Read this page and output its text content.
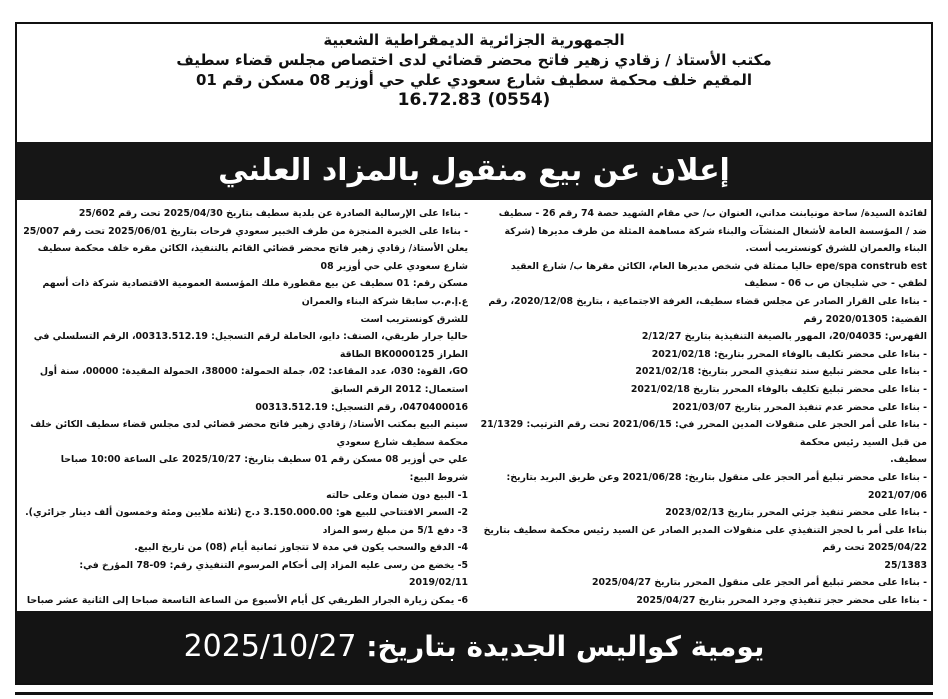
الجمهورية الجزائرية الديمقراطية الشعبية
مكتب الأستاذ / زقادي زهير فاتح محضر قضائي لدى اختصاص مجلس قضاء سطيف
المقيم خلف محكمة سطيف شارع سعودي علي حي أوزير 08 مسكن رقم 01
16.72.83 (0554)
إعلان عن بيع منقول بالمزاد العلني

- بناءا على الإرسالية الصادرة عن بلدية سطيف بتاريخ 2025/04/30 تحت رقم 25/602

- بناءا على الخبرة المنجزة من طرف الخبير سعودي فرحات بتاريخ 2025/06/01 تحت رقم 25/007

يعلن الأستاذ/ زقادي زهير فاتح محضر قضائي القائم بالتنفيذ، الكائن مقره خلف محكمة سطيف شارع سعودي علي حي أوزير 08

مسكن رقم: 01 سطيف عن بيع مقطورة ملك المؤسسة العمومية الاقتصادية شركة ذات أسهم ع.إ.م.ب سابقا شركة البناء والعمران

للشرق كونستريب است

حاليا جرار طريقي، الصنف: دايو، الحاملة لرقم التسجيل: 00313.512.19، الرقم التسلسلي في الطراز BK0000125 الطاقة

GO، القوة: 030، عدد المقاعد: 02، جملة الحمولة: 38000، الحمولة المقيدة: 00000، سنة أول استعمال: 2012 الرقم السابق

0470400016، رقم التسجيل: 00313.512.19

سيتم البيع بمكتب الأستاذ/ زقادي زهير فاتح محضر قضائي لدى مجلس قضاء سطيف الكائن خلف محكمة سطيف شارع سعودي

علي حي أوزير 08 مسكن رقم 01 سطيف بتاريخ: 2025/10/27 على الساعة 10:00 صباحا

شروط البيع:

1- البيع دون ضمان وعلى حالته

2- السعر الافتتاحي للبيع هو: 3.150.000.00 د.ج (ثلاثة ملايين ومئة وخمسون ألف دينار جزائري).

3- دفع 5/1 من مبلغ رسو المزاد

4- الدفع والسحب يكون في مدة لا تتجاوز ثمانية أيام (08) من تاريخ البيع.

5- يخضع من رسى عليه المزاد إلى أحكام المرسوم التنفيذي رقم: 09-78 المؤرخ في: 2019/02/11

6- يمكن زيارة الجرار الطريقي كل أيام الأسبوع من الساعة التاسعة صباحا إلى الثانية عشر صباحا

لفائدة السيدة/ ساحة مونيابنت مداني، العنوان ب/ حي مقام الشهيد حصة 74 رقم 26 - سطيف

ضد / المؤسسة العامة لأشغال المنشآت والبناء شركة مساهمة المثلة من طرف مديرها (شركة البناء والعمران للشرق كونستريب أست.

epe/spa construb est حاليا ممثلة في شخص مديرها العام، الكائن مقرها ب/ شارع العقيد لطفي - حي شليجان ص ب 06 - سطيف

- بناءا على القرار الصادر عن مجلس قضاء سطيف، الغرفة الاجتماعية ، بتاريخ 2020/12/08، رقم القضية: 2020/01305 رقم

الفهرس: 20/04035، المهور بالصيغة التنفيذية بتاريخ 2/12/27

- بناءا على محضر تكليف بالوفاء المحرر بتاريخ: 2021/02/18

- بناءا على محضر تبليغ سند تنفيذي المحرر بتاريخ: 2021/02/18

- بناءا على محضر تبليغ تكليف بالوفاء المحرر بتاريخ 2021/02/18

- بناءا على محضر عدم تنفيذ المحرر بتاريخ 2021/03/07

- بناءا على أمر الحجز على منقولات المدين المحرر في: 2021/06/15 تحت رقم الترتيب: 21/1329 من قبل السيد رئيس محكمة

سطيف.

- بناءا على محضر تبليغ أمر الحجز على منقول بتاريخ: 2021/06/28 وعن طريق البريد بتاريخ: 2021/07/06

- بناءا على محضر تنفيذ جزئي المحرر بتاريخ 2023/02/13

بناءا على أمر با لحجز التنفيذي على منقولات المدير الصادر عن السيد رئيس محكمة سطيف بتاريخ 2025/04/22 تحت رقم

25/1383

- بناءا على محضر تبليغ أمر الحجز على منقول المحرر بتاريخ 2025/04/27

- بناءا على محضر حجز تنفيذي وجرد المحرر بتاريخ 2025/04/27

يومية كواليس الجديدة بتاريخ: 2025/10/27
